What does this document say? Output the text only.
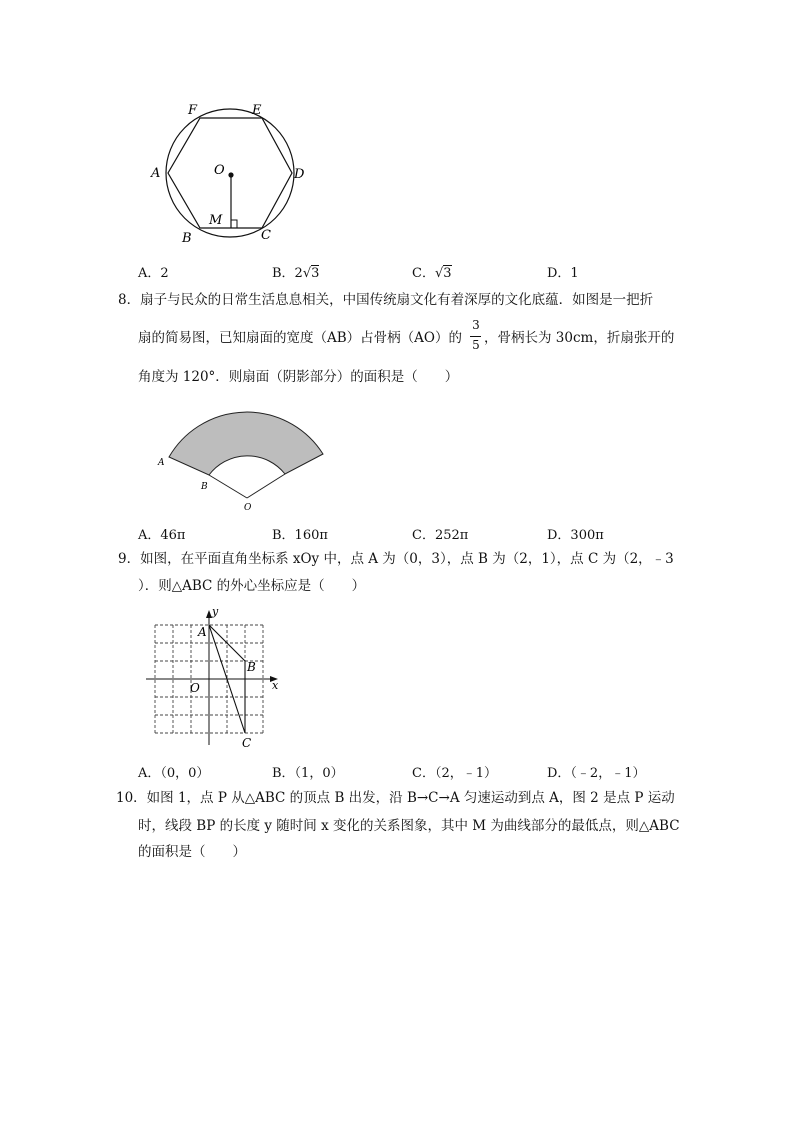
F	E
A	O	D
M
B	C
A．2	B．2√3	C．√3	D．1
8．扇子与民众的日常生活息息相关，中国传统扇文化有着深厚的文化底蕴．如图是一把折
扇的简易图，已知扇面的宽度（AB）占骨柄（AO）的
3
5 ，骨柄长为 30cm，折扇张开的
角度为 120°．则扇面（阴影部分）的面积是（　　）
A
B
O
A．46π	B．160π	C．252π	D．300π
9．如图，在平面直角坐标系 xOy 中，点 A 为（0，3），点 B 为（2，1），点 C 为（2，﹣3
）．则△ABC 的外心坐标应是（　　）
y
x
A
B
O
C
A．（0，0）	B．（1，0）	C．（2，﹣1）	D．（﹣2，﹣1）
10．如图 1，点 P 从△ABC 的顶点 B 出发，沿 B→C→A 匀速运动到点 A，图 2 是点 P 运动
时，线段 BP 的长度 y 随时间 x 变化的关系图象，其中 M 为曲线部分的最低点，则△ABC
的面积是（　　）
